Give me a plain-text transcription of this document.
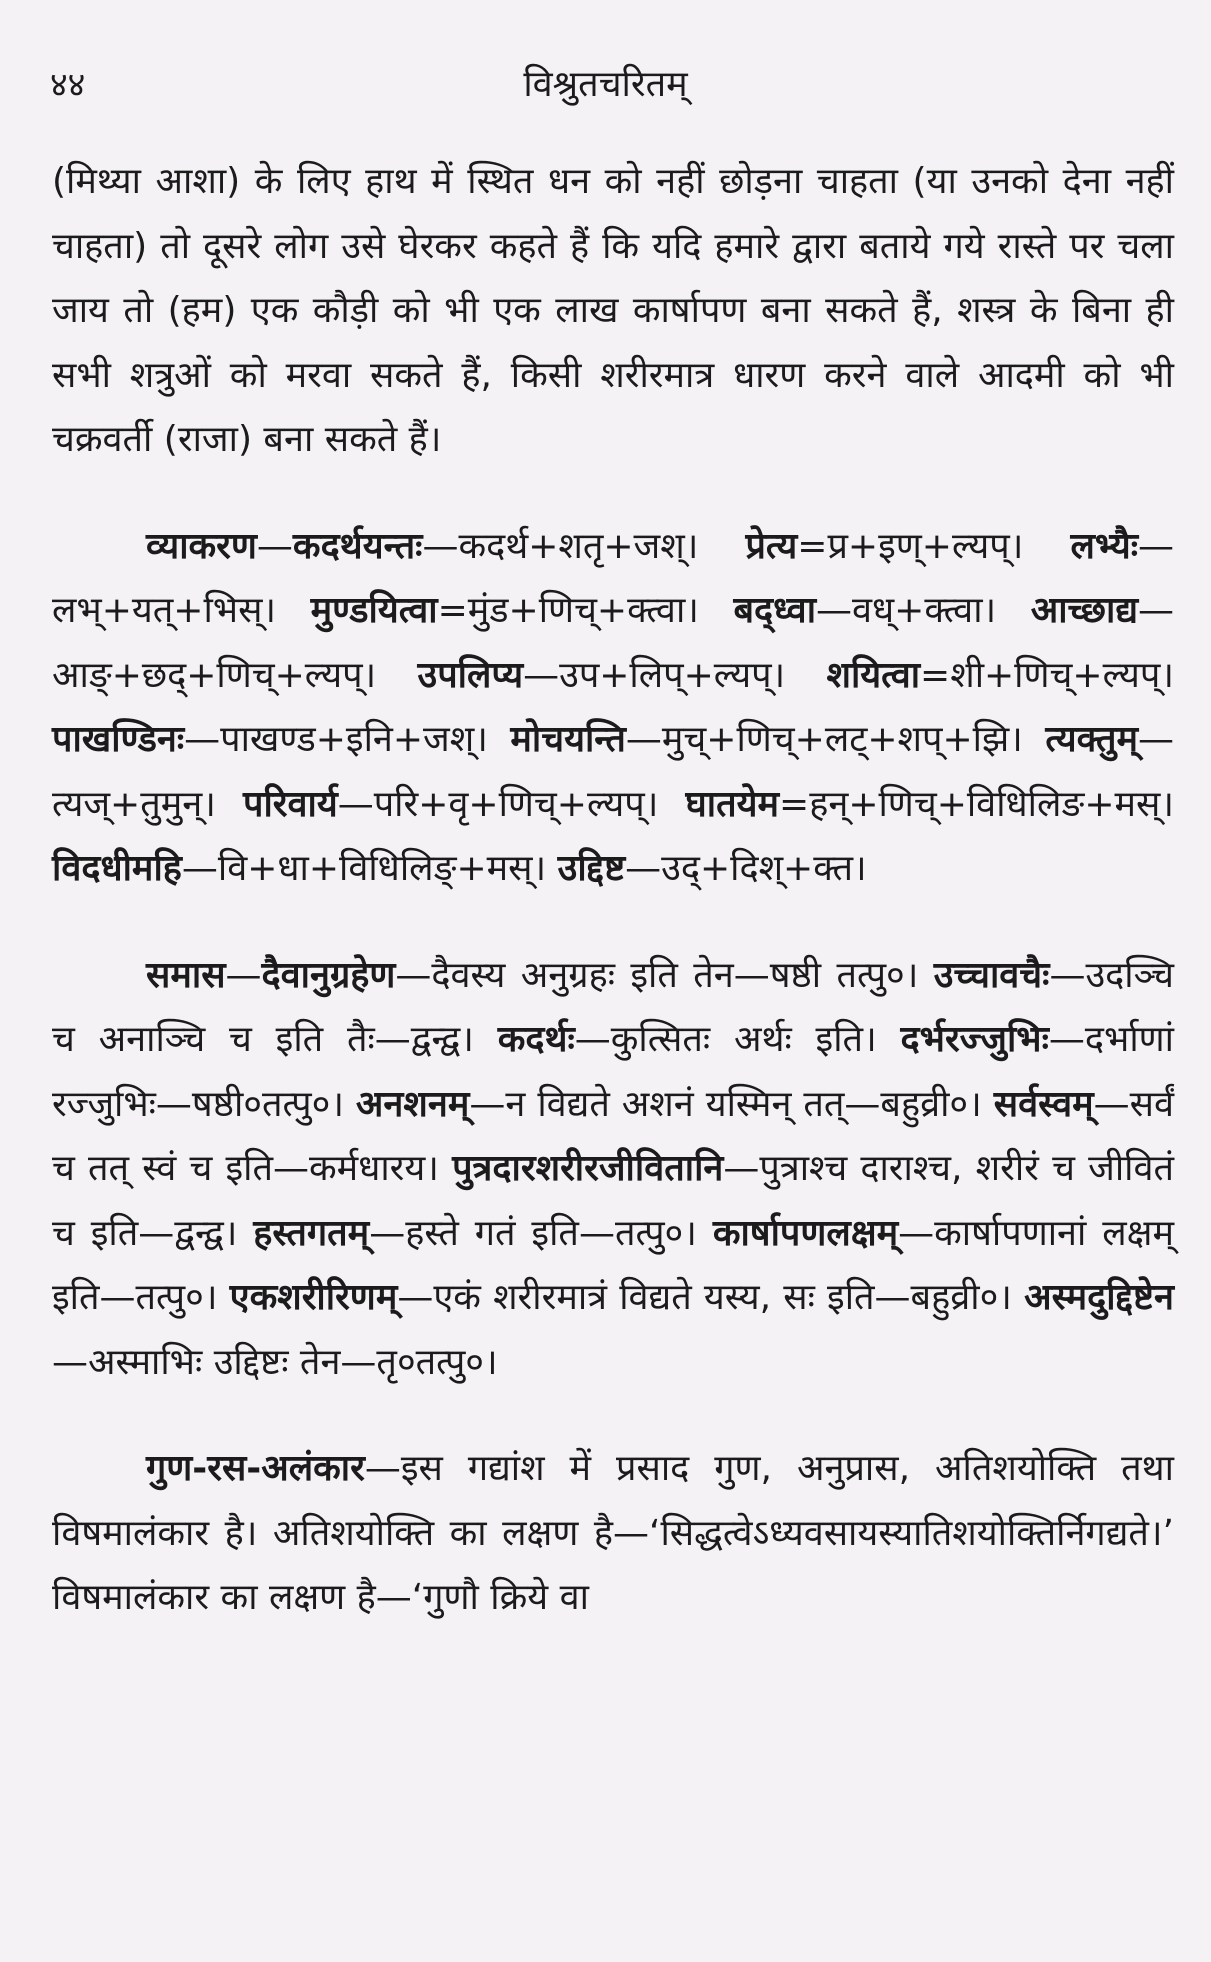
४४	विश्रुतचरितम्

(मिथ्या आशा) के लिए हाथ में स्थित धन को नहीं छोड़ना चाहता (या उनको देना नहीं चाहता) तो दूसरे लोग उसे घेरकर कहते हैं कि यदि हमारे द्वारा बताये गये रास्ते पर चला जाय तो (हम) एक कौड़ी को भी एक लाख कार्षापण बना सकते हैं, शस्त्र के बिना ही सभी शत्रुओं को मरवा सकते हैं, किसी शरीरमात्र धारण करने वाले आदमी को भी चक्रवर्ती (राजा) बना सकते हैं।

व्याकरण—कदर्थयन्तः—कदर्थ+शतृ+जश्। प्रेत्य=प्र+इण्+ल्यप्। लभ्यैः—लभ्+यत्+भिस्। मुण्डयित्वा=मुंड+णिच्+क्त्वा। बद्ध्वा—वध्+क्त्वा। आच्छाद्य—आङ्+छद्+णिच्+ल्यप्। उपलिप्य—उप+लिप्+ल्यप्। शयित्वा=शी+णिच्+ल्यप्। पाखण्डिनः—पाखण्ड+इनि+जश्। मोचयन्ति—मुच्+णिच्+लट्+शप्+झि। त्यक्तुम्—त्यज्+तुमुन्। परिवार्य—परि+वृ+णिच्+ल्यप्। घातयेम=हन्+णिच्+विधिलिङ+मस्। विदधीमहि—वि+धा+विधिलिङ्+मस्। उद्दिष्ट—उद्+दिश्+क्त।

समास—दैवानुग्रहेण—दैवस्य अनुग्रहः इति तेन—षष्ठी तत्पु०। उच्चावचैः—उदञ्चि च अनाञ्चि च इति तैः—द्वन्द्व। कदर्थः—कुत्सितः अर्थः इति। दर्भरज्जुभिः—दर्भाणां रज्जुभिः—षष्ठी०तत्पु०। अनशनम्—न विद्यते अशनं यस्मिन् तत्—बहुव्री०। सर्वस्वम्—सर्वं च तत् स्वं च इति—कर्मधारय। पुत्रदारशरीरजीवितानि—पुत्राश्च दाराश्च, शरीरं च जीवितं च इति—द्वन्द्व। हस्तगतम्—हस्ते गतं इति—तत्पु०। कार्षापणलक्षम्—कार्षापणानां लक्षम् इति—तत्पु०। एकशरीरिणम्—एकं शरीरमात्रं विद्यते यस्य, सः इति—बहुव्री०। अस्मदुद्दिष्टेन—अस्माभिः उद्दिष्टः तेन—तृ०तत्पु०।

गुण-रस-अलंकार—इस गद्यांश में प्रसाद गुण, अनुप्रास, अतिशयोक्ति तथा विषमालंकार है। अतिशयोक्ति का लक्षण है—‘सिद्धत्वेऽध्यवसायस्यातिशयोक्तिर्निगद्यते।’ विषमालंकार का लक्षण है—‘गुणौ क्रिये वा
